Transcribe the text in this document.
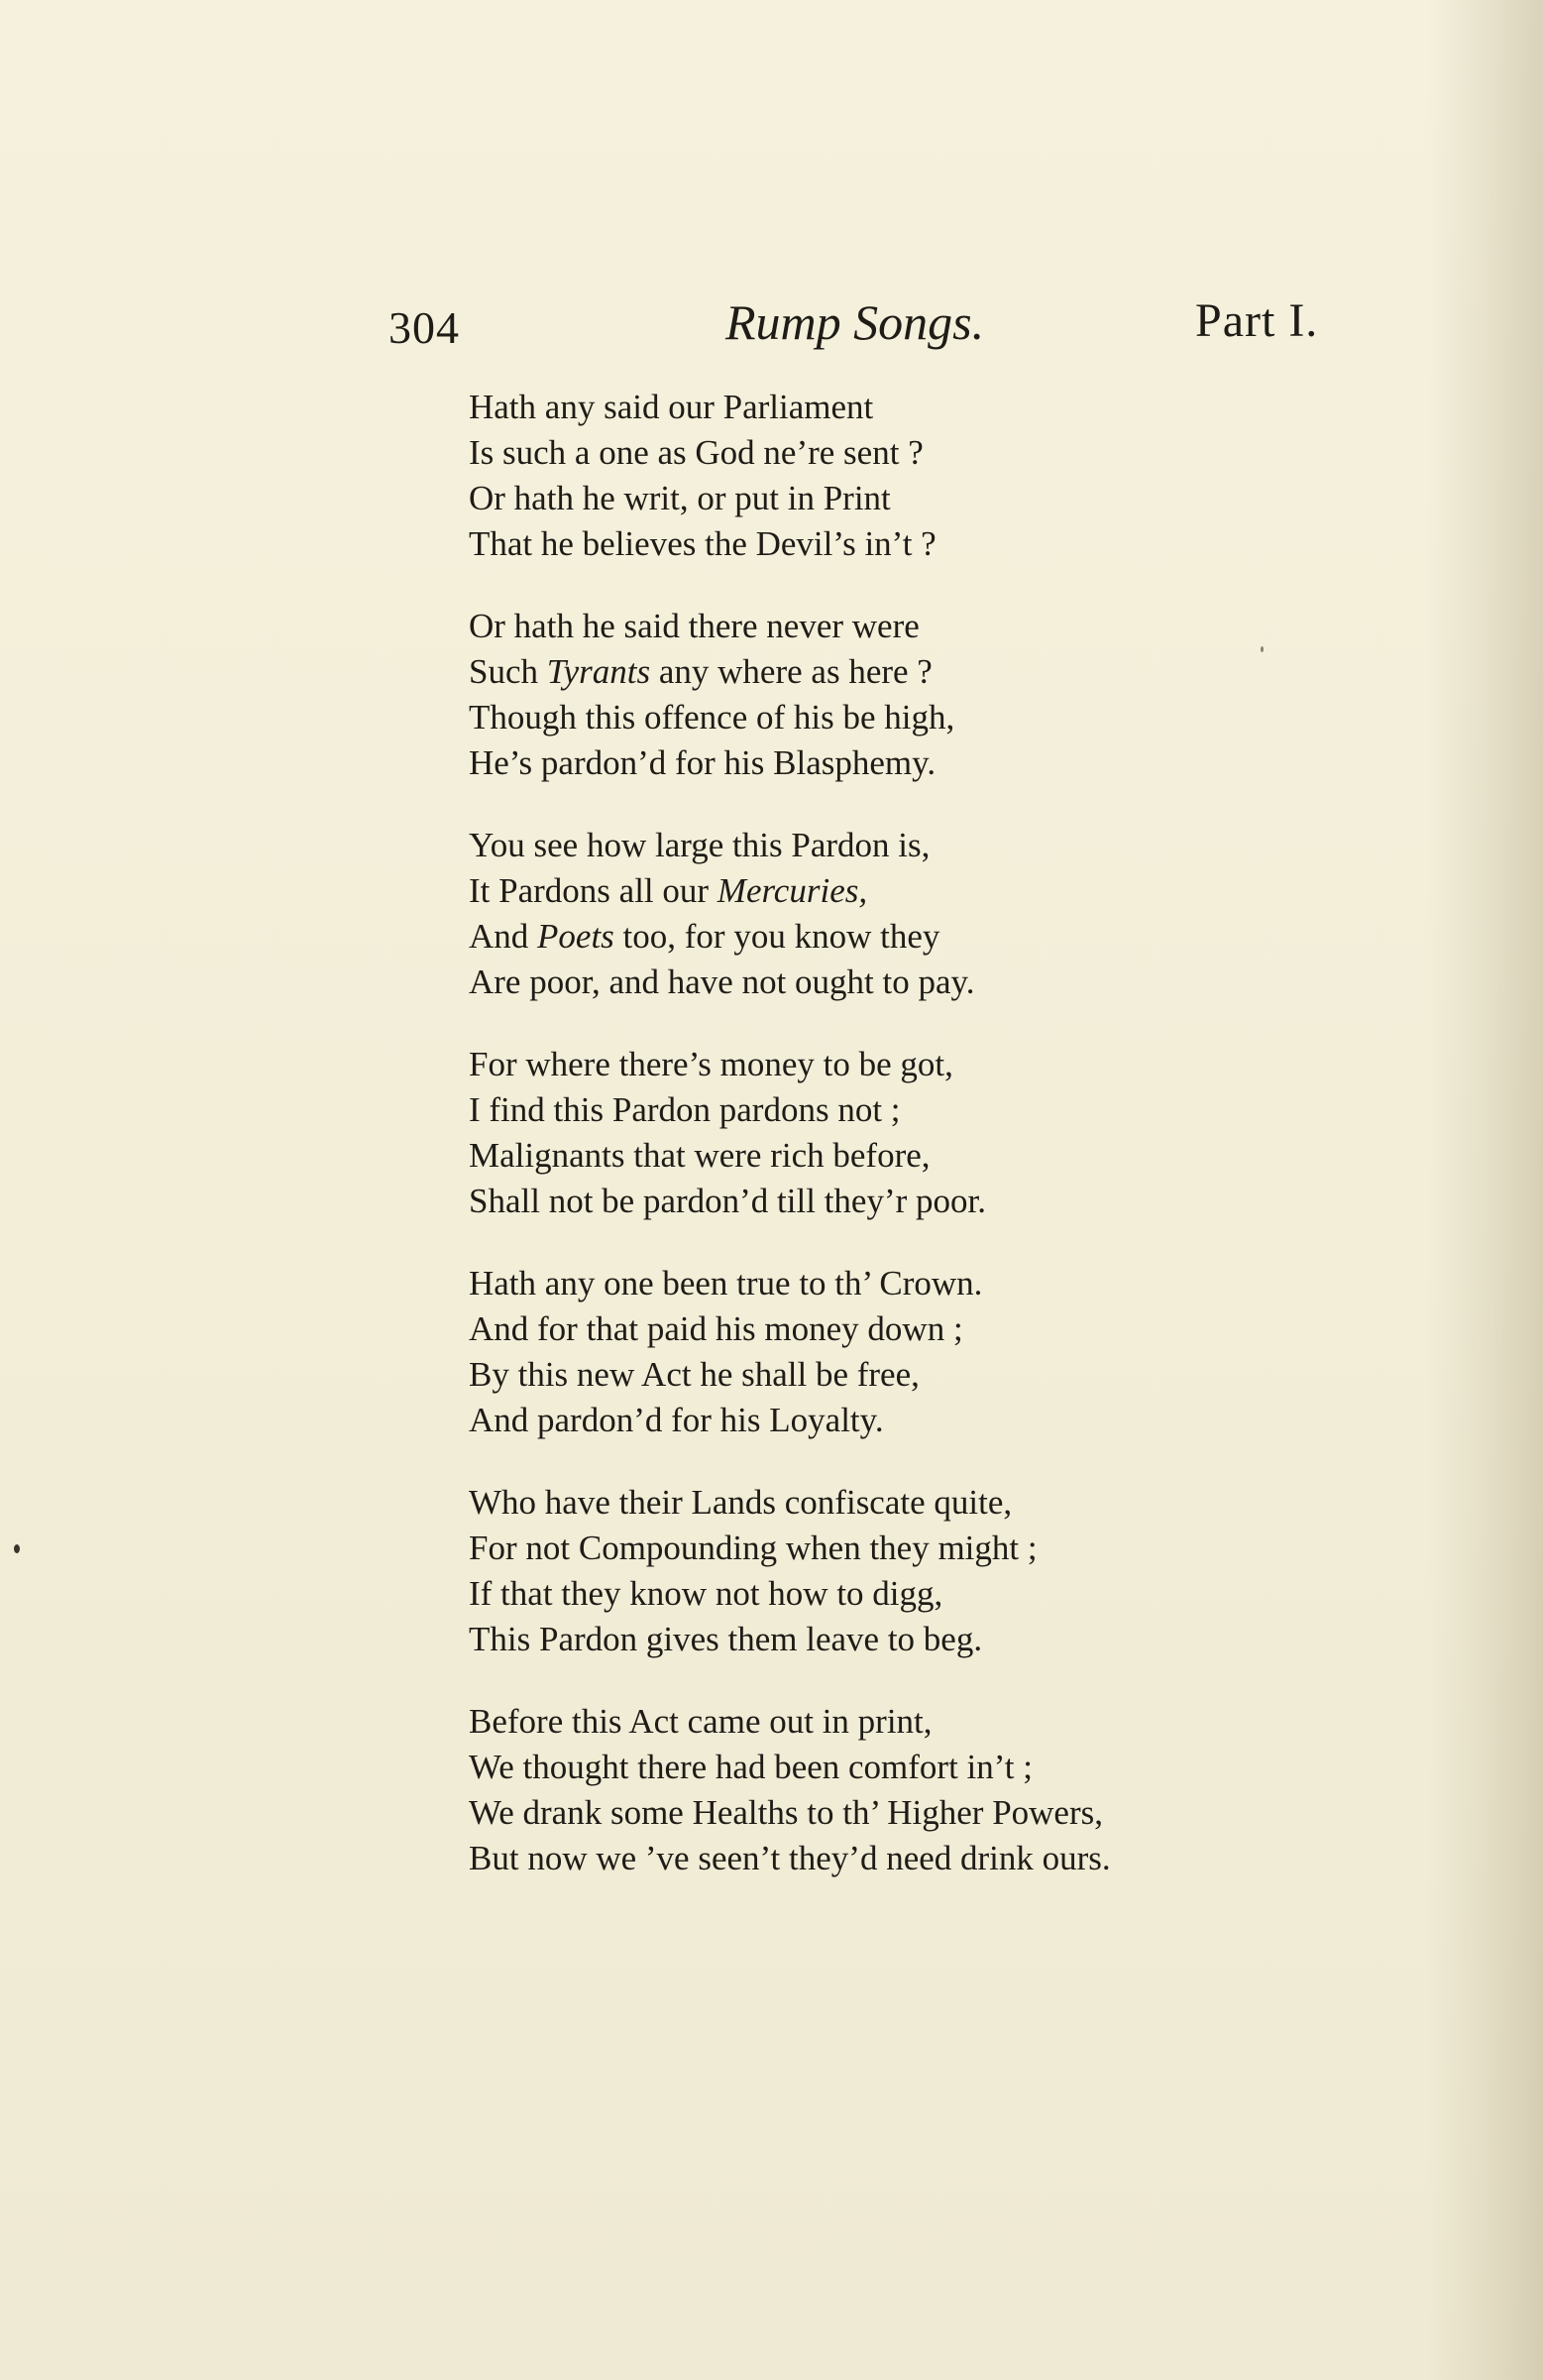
304	Rump Songs.	Part I.
Hath any said our Parliament
Is such a one as God ne’re sent ?
Or hath he writ, or put in Print
That he believes the Devil’s in’t ?
Or hath he said there never were
Such Tyrants any where as here ?
Though this offence of his be high,
He’s pardon’d for his Blasphemy.
You see how large this Pardon is,
It Pardons all our Mercuries,
And Poets too, for you know they
Are poor, and have not ought to pay.
For where there’s money to be got,
I find this Pardon pardons not ;
Malignants that were rich before,
Shall not be pardon’d till they’r poor.
Hath any one been true to th’ Crown.
And for that paid his money down ;
By this new Act he shall be free,
And pardon’d for his Loyalty.
Who have their Lands confiscate quite,
For not Compounding when they might ;
If that they know not how to digg,
This Pardon gives them leave to beg.
Before this Act came out in print,
We thought there had been comfort in’t ;
We drank some Healths to th’ Higher Powers,
But now we ’ve seen’t they’d need drink ours.
